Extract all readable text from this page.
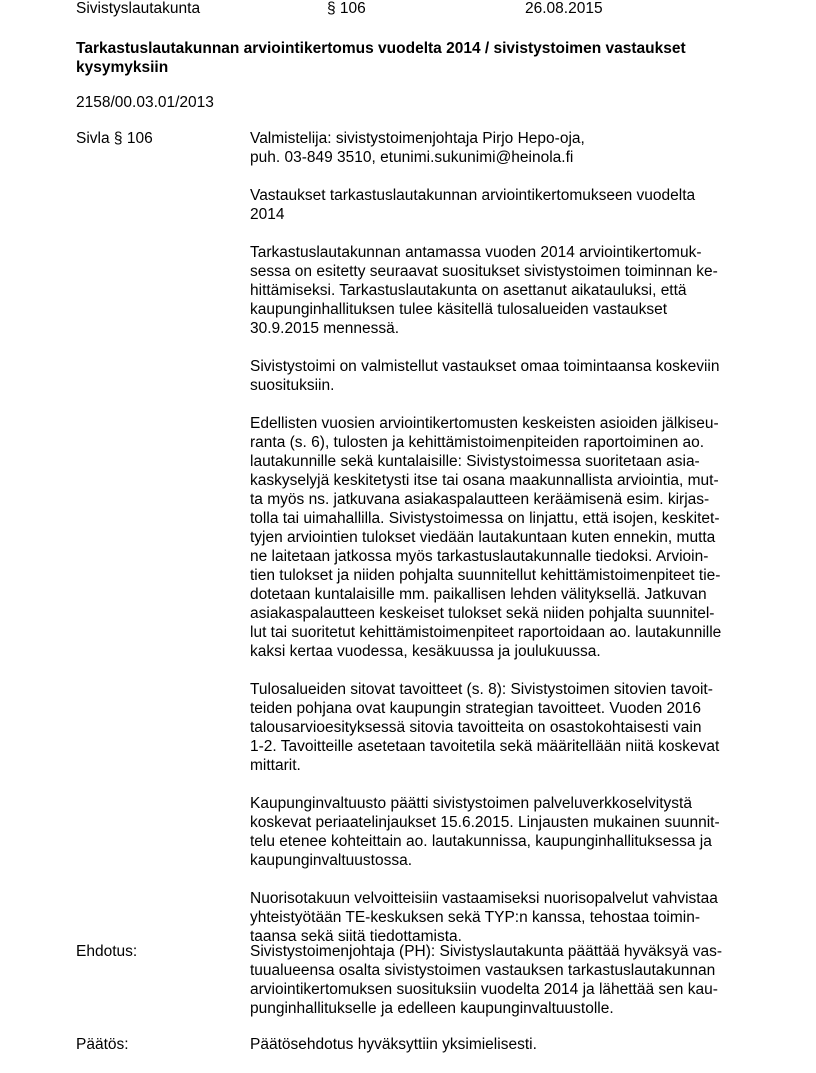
Sivistyslautakunta	§ 106	26.08.2015
Tarkastuslautakunnan arviointikertomus vuodelta 2014 / sivistystoimen vastaukset
kysymyksiin
2158/00.03.01/2013
Sivla § 106	Valmistelija: sivistystoimenjohtaja Pirjo Hepo-oja,
puh. 03-849 3510, etunimi.sukunimi@heinola.fi

Vastaukset tarkastuslautakunnan arviointikertomukseen vuodelta
2014

Tarkastuslautakunnan antamassa vuoden 2014 arviointikertomuk-
sessa on esitetty seuraavat suositukset sivistystoimen toiminnan ke-
hittämiseksi. Tarkastuslautakunta on asettanut aikatauluksi, että
kaupunginhallituksen tulee käsitellä tulosalueiden vastaukset
30.9.2015 mennessä.

Sivistystoimi on valmistellut vastaukset omaa toimintaansa koskeviin
suosituksiin.

Edellisten vuosien arviointikertomusten keskeisten asioiden jälkiseu-
ranta (s. 6), tulosten ja kehittämistoimenpiteiden raportoiminen ao.
lautakunnille sekä kuntalaisille: Sivistystoimessa suoritetaan asia-
kaskyselyjä keskitetysti itse tai osana maakunnallista arviointia, mut-
ta myös ns. jatkuvana asiakaspalautteen keräämisenä esim. kirjas-
tolla tai uimahallilla. Sivistystoimessa on linjattu, että isojen, keskitet-
tyjen arviointien tulokset viedään lautakuntaan kuten ennekin, mutta
ne laitetaan jatkossa myös tarkastuslautakunnalle tiedoksi. Arvioin-
tien tulokset ja niiden pohjalta suunnitellut kehittämistoimenpiteet tie-
dotetaan kuntalaisille mm. paikallisen lehden välityksellä. Jatkuvan
asiakaspalautteen keskeiset tulokset sekä niiden pohjalta suunnitel-
lut tai suoritetut kehittämistoimenpiteet raportoidaan ao. lautakunnille
kaksi kertaa vuodessa, kesäkuussa ja joulukuussa.

Tulosalueiden sitovat tavoitteet (s. 8): Sivistystoimen sitovien tavoit-
teiden pohjana ovat kaupungin strategian tavoitteet. Vuoden 2016
talousarvioesityksessä sitovia tavoitteita on osastokohtaisesti vain
1-2. Tavoitteille asetetaan tavoitetila sekä määritellään niitä koskevat
mittarit.

Kaupunginvaltuusto päätti sivistystoimen palveluverkkoselvitystä
koskevat periaatelinjaukset 15.6.2015. Linjausten mukainen suunnit-
telu etenee kohteittain ao. lautakunnissa, kaupunginhallituksessa ja
kaupunginvaltuustossa.

Nuorisotakuun velvoitteisiin vastaamiseksi nuorisopalvelut vahvistaa
yhteistyötään TE-keskuksen sekä TYP:n kanssa, tehostaa toimin-
taansa sekä siitä tiedottamista.

Ehdotus:	Sivistystoimenjohtaja (PH): Sivistyslautakunta päättää hyväksyä vas-
tuualueensa osalta sivistystoimen vastauksen tarkastuslautakunnan
arviointikertomuksen suosituksiin vuodelta 2014 ja lähettää sen kau-
punginhallitukselle ja edelleen kaupunginvaltuustolle.

Päätös:	Päätösehdotus hyväksyttiin yksimielisesti.
